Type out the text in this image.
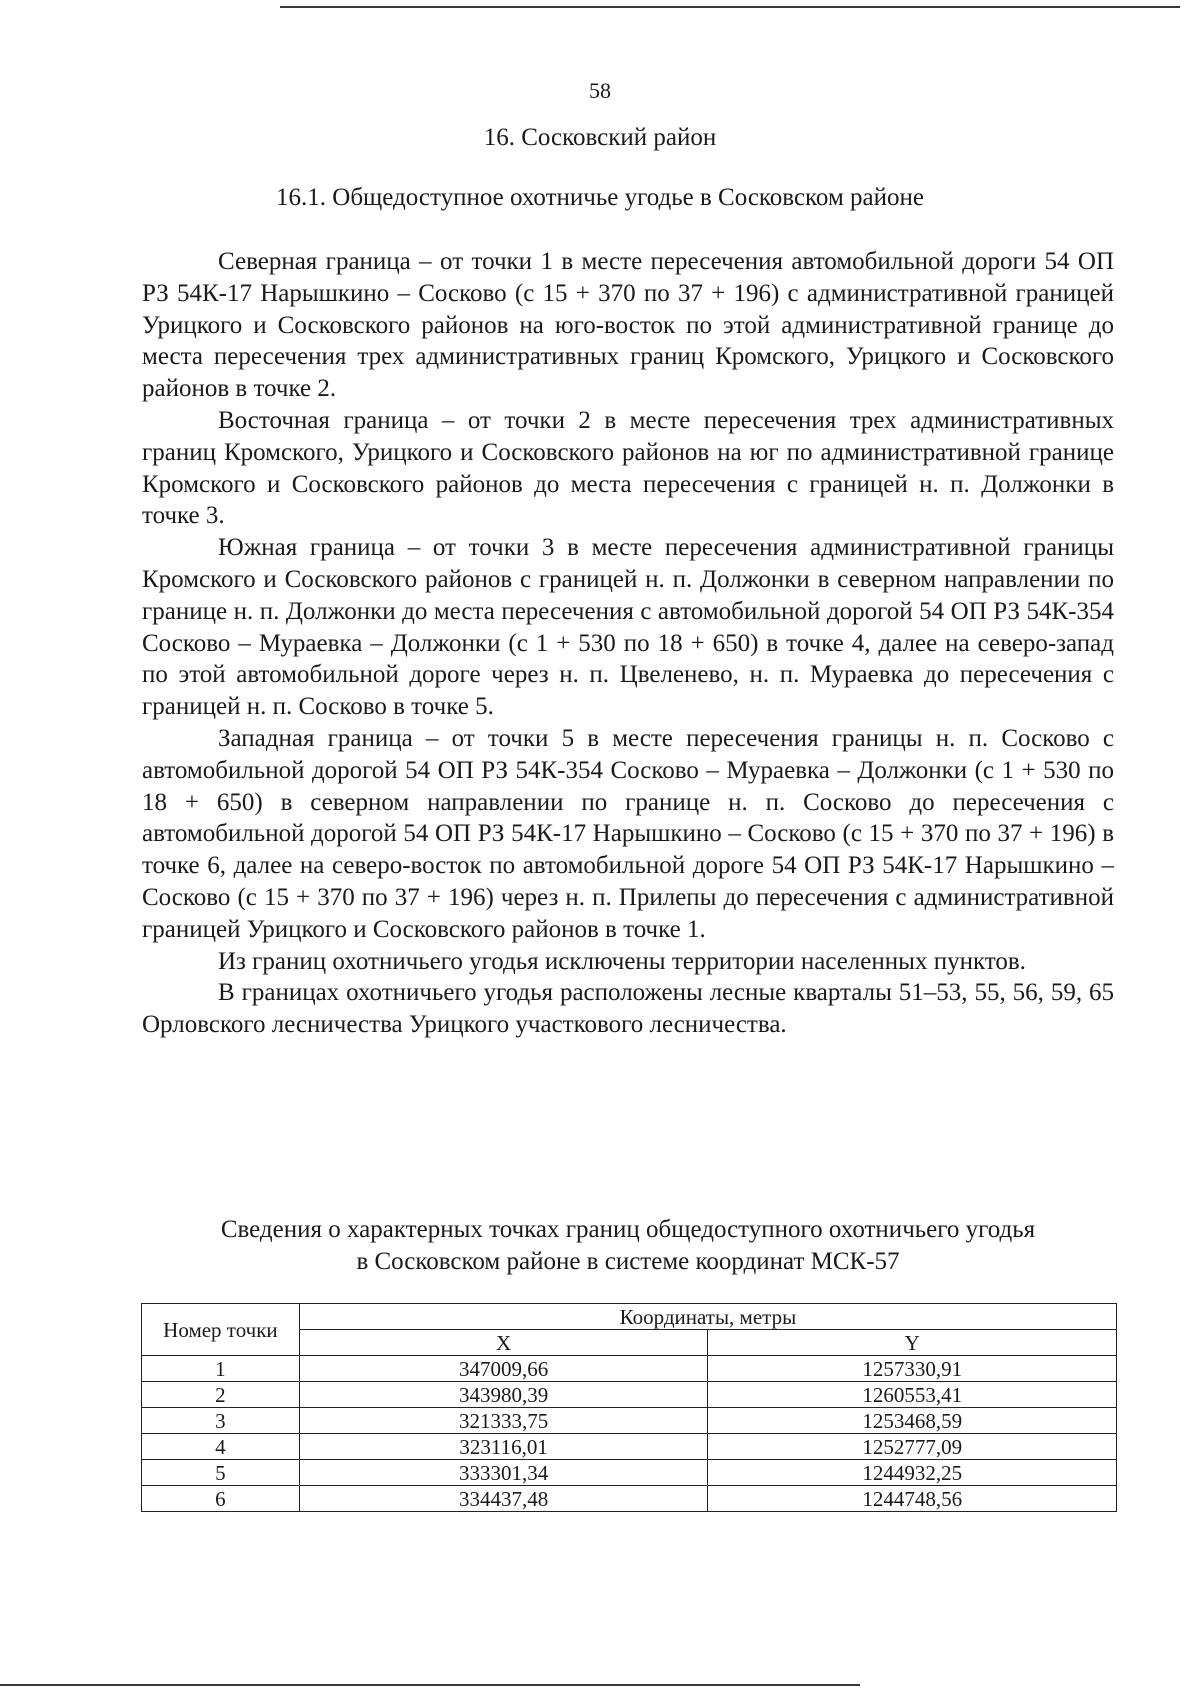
58
16. Сосковский район
16.1. Общедоступное охотничье угодье в Сосковском районе

Северная граница – от точки 1 в месте пересечения автомобильной дороги 54 ОП РЗ 54К-17 Нарышкино – Сосково (с 15 + 370 по 37 + 196) с административной границей Урицкого и Сосковского районов на юго-восток по этой административной границе до места пересечения трех административных границ Кромского, Урицкого и Сосковского районов в точке 2.

Восточная граница – от точки 2 в месте пересечения трех административных границ Кромского, Урицкого и Сосковского районов на юг по административной границе Кромского и Сосковского районов до места пересечения с границей н. п. Должонки в точке 3.

Южная граница – от точки 3 в месте пересечения административной границы Кромского и Сосковского районов с границей н. п. Должонки в северном направлении по границе н. п. Должонки до места пересечения с автомобильной дорогой 54 ОП РЗ 54К-354 Сосково – Мураевка – Должонки (с 1 + 530 по 18 + 650) в точке 4, далее на северо-запад по этой автомобильной дороге через н. п. Цвеленево, н. п. Мураевка до пересечения с границей н. п. Сосково в точке 5.

Западная граница – от точки 5 в месте пересечения границы н. п. Сосково с автомобильной дорогой 54 ОП РЗ 54К-354 Сосково – Мураевка – Должонки (с 1 + 530 по 18 + 650) в северном направлении по границе н. п. Сосково до пересечения с автомобильной дорогой 54 ОП РЗ 54К-17 Нарышкино – Сосково (с 15 + 370 по 37 + 196) в точке 6, далее на северо-восток по автомобильной дороге 54 ОП РЗ 54К-17 Нарышкино – Сосково (с 15 + 370 по 37 + 196) через н. п. Прилепы до пересечения с административной границей Урицкого и Сосковского районов в точке 1.

Из границ охотничьего угодья исключены территории населенных пунктов.

В границах охотничьего угодья расположены лесные кварталы 51–53, 55, 56, 59, 65 Орловского лесничества Урицкого участкового лесничества.

Сведения о характерных точках границ общедоступного охотничьего угодья
в Сосковском районе в системе координат МСК-57
Номер точки	Координаты, метры	
	X	Y
1	347009,66	1257330,91
2	343980,39	1260553,41
3	321333,75	1253468,59
4	323116,01	1252777,09
5	333301,34	1244932,25
6	334437,48	1244748,56
